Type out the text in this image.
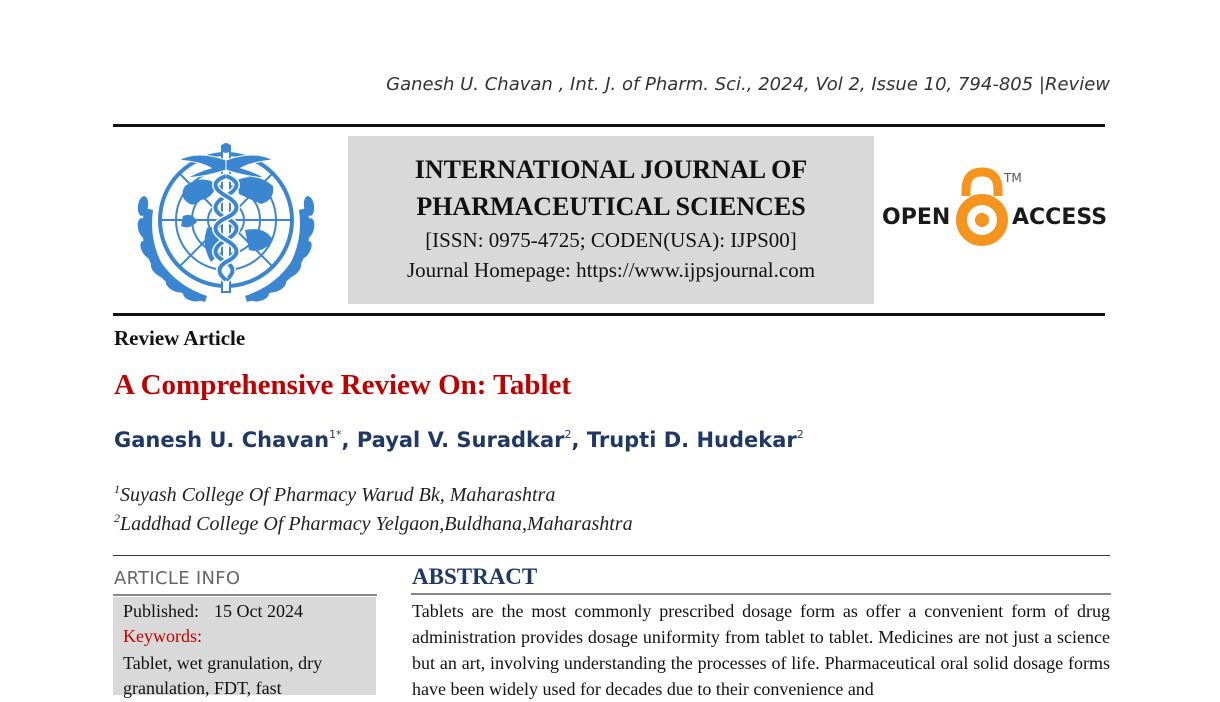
Ganesh U. Chavan , Int. J. of Pharm. Sci., 2024, Vol 2, Issue 10, 794-805 |Review
INTERNATIONAL JOURNAL OF
PHARMACEUTICAL SCIENCES
[ISSN: 0975-4725; CODEN(USA): IJPS00]
Journal Homepage: https://www.ijpsjournal.com
OPEN
TM
ACCESS
Review Article
A Comprehensive Review On: Tablet
Ganesh U. Chavan$^{1*}$, Payal V. Suradkar$^2$, Trupti D. Hudekar$^2$
$^1$Suyash College Of Pharmacy Warud Bk, Maharashtra
$^2$Laddhad College Of Pharmacy Yelgaon,Buldhana,Maharashtra
ARTICLE INFO
Published: 15 Oct 2024
Keywords:
Tablet, wet granulation, dry granulation, FDT, fast
ABSTRACT
Tablets are the most commonly prescribed dosage form as offer a convenient form of drug administration provides dosage uniformity from tablet to tablet. Medicines are not just a science but an art, involving understanding the processes of life. Pharmaceutical oral solid dosage forms have been widely used for decades due to their convenience and
